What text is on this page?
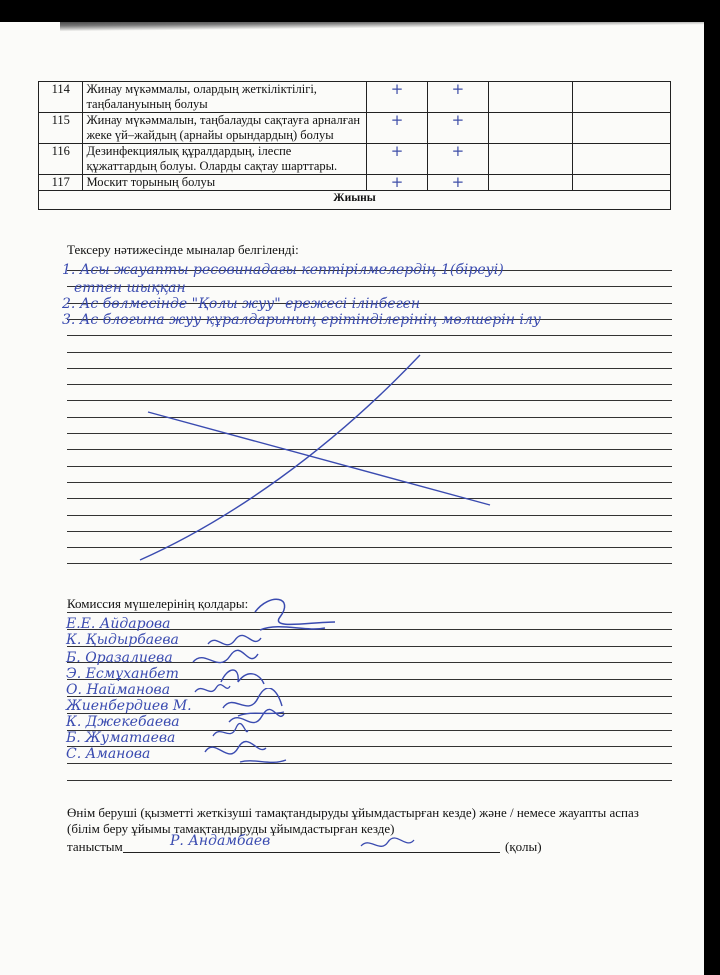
114	Жинау мүкәммалы, олардың жеткіліктілігі, таңбалануының болуы	+	+		
115	Жинау мүкәммалын, таңбалауды сақтауға арналған жеке үй–жайдың (арнайы орындардың) болуы	+	+		
116	Дезинфекциялық құралдардың, ілеспе құжаттардың болуы. Оларды сақтау шарттары.	+	+		
117	Москит торының болуы	+	+		
Жиыны					
Тексеру нәтижесінде мыналар белгіленді:
1. Асы жауапты ресовинадағы кептірілмелердің 1(біреуі)
етпен шыққан
2. Ас бөлмесінде "Қолы жуу" ережесі ілінбеген
3. Ас блогына жуу құралдарының ерітінділерінің мөлшерін ілу
Комиссия мүшелерінің қолдары:
Е.Е. Айдарова
К. Қыдырбаева
Б. Оразалиева
Э. Есмұханбет
О. Найманова
Жиенбердиев М.
К. Джекебаева
Б. Жуматаева
С. Аманова
Өнім беруші (қызметті жеткізуші тамақтандыруды ұйымдастырған кезде) және / немесе жауапты аспаз
(білім беру ұйымы тамақтандыруды ұйымдастырған кезде)
таныстым	Р. Андамбаев	(қолы)
